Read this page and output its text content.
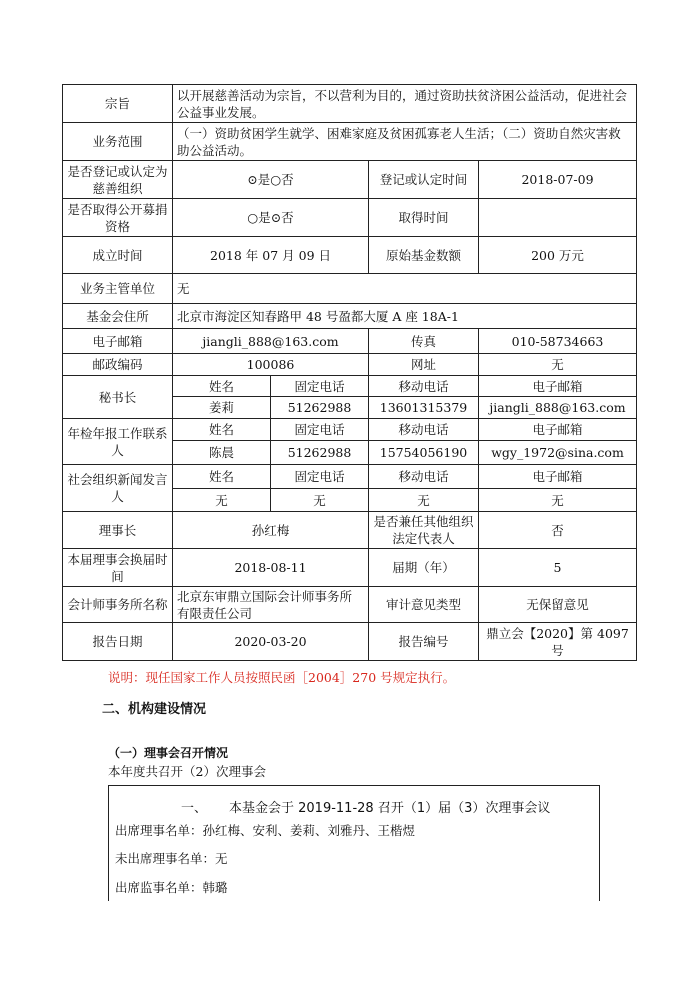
宗旨	以开展慈善活动为宗旨，不以营利为目的，通过资助扶贫济困公益活动，促进社会公益事业发展。			
业务范围	（一）资助贫困学生就学、困难家庭及贫困孤寡老人生活；（二）资助自然灾害救助公益活动。			
是否登记或认定为慈善组织	⊙是○否		登记或认定时间	2018-07-09
是否取得公开募捐资格	○是⊙否		取得时间	
成立时间	2018 年 07 月 09 日		原始基金数额	200 万元
业务主管单位	无			
基金会住所	北京市海淀区知春路甲 48 号盈都大厦 A 座 18A-1			
电子邮箱	jiangli_888@163.com		传真	010-58734663
邮政编码	100086		网址	无
秘书长	姓名	固定电话	移动电话	电子邮箱
	姜莉	51262988	13601315379	jiangli_888@163.com
年检年报工作联系人	姓名	固定电话	移动电话	电子邮箱
	陈晨	51262988	15754056190	wgy_1972@sina.com
社会组织新闻发言人	姓名	固定电话	移动电话	电子邮箱
	无	无	无	无
理事长	孙红梅		是否兼任其他组织法定代表人	否
本届理事会换届时间	2018-08-11		届期（年）	5
会计师事务所名称	北京东审鼎立国际会计师事务所有限责任公司		审计意见类型	无保留意见
报告日期	2020-03-20		报告编号	鼎立会【2020】第 4097 号
说明：现任国家工作人员按照民函［2004］270 号规定执行。
二、机构建设情况
（一）理事会召开情况
本年度共召开（2）次理事会
一、 本基金会于 2019-11-28 召开（1）届（3）次理事会议
出席理事名单：孙红梅、安利、姜莉、刘雅丹、王楷煜
未出席理事名单：无
出席监事名单：韩璐
